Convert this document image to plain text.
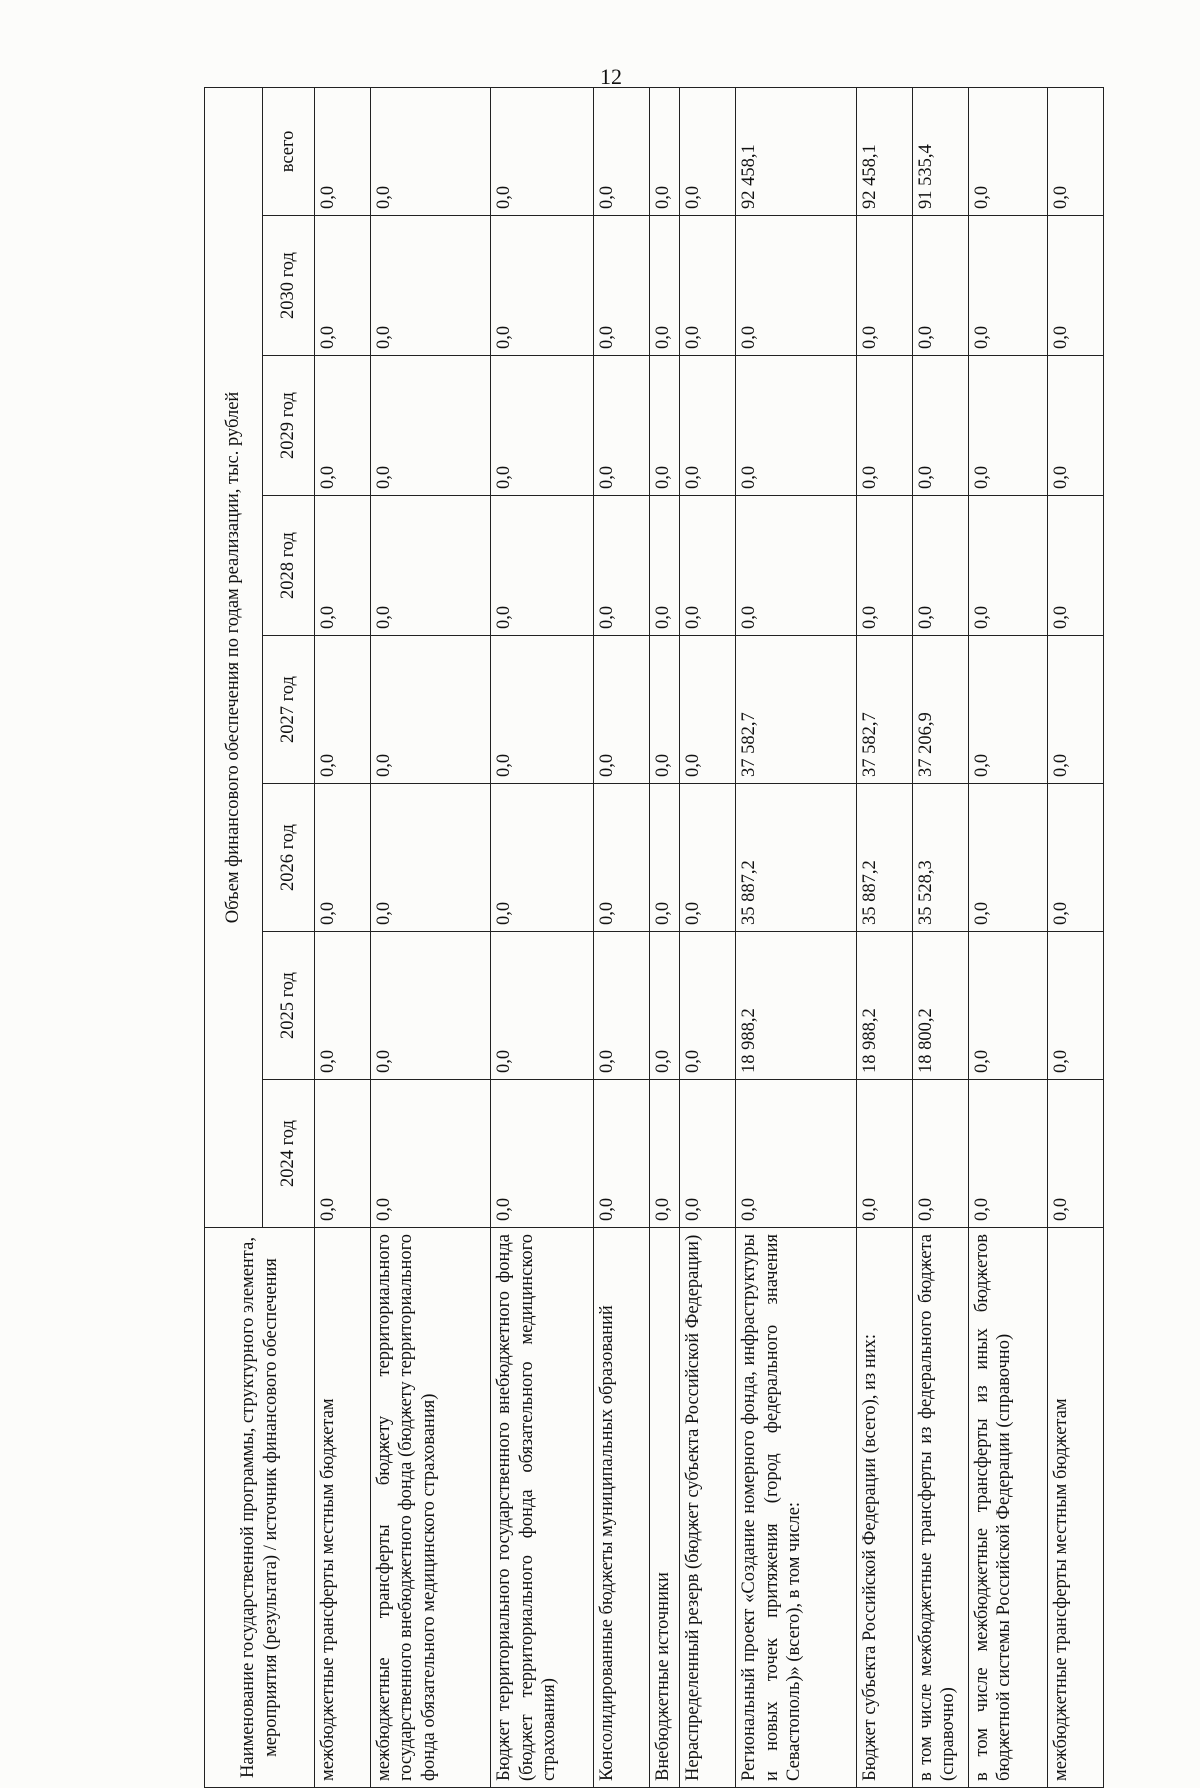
12
Наименование государственной программы, структурного элемента, мероприятия (результата) / источник финансового обеспечения	Объем финансового обеспечения по годам реализации, тыс. рублей							
	2024 год	2025 год	2026 год	2027 год	2028 год	2029 год	2030 год	всего
межбюджетные трансферты местным бюджетам	0,0	0,0	0,0	0,0	0,0	0,0	0,0	0,0
межбюджетные трансферты бюджету территориального государственного внебюджетного фонда (бюджету территориального фонда обязательного медицинского страхования)	0,0	0,0	0,0	0,0	0,0	0,0	0,0	0,0
Бюджет территориального государственного внебюджетного фонда (бюджет территориального фонда обязательного медицинского страхования)	0,0	0,0	0,0	0,0	0,0	0,0	0,0	0,0
Консолидированные бюджеты муниципальных образований	0,0	0,0	0,0	0,0	0,0	0,0	0,0	0,0
Внебюджетные источники	0,0	0,0	0,0	0,0	0,0	0,0	0,0	0,0
Нераспределенный резерв (бюджет субъекта Российской Федерации)	0,0	0,0	0,0	0,0	0,0	0,0	0,0	0,0
Региональный проект «Создание номерного фонда, инфраструктуры и новых точек притяжения (город федерального значения Севастополь)» (всего), в том числе:	0,0	18 988,2	35 887,2	37 582,7	0,0	0,0	0,0	92 458,1
Бюджет субъекта Российской Федерации (всего), из них:	0,0	18 988,2	35 887,2	37 582,7	0,0	0,0	0,0	92 458,1
в том числе межбюджетные трансферты из федерального бюджета (справочно)	0,0	18 800,2	35 528,3	37 206,9	0,0	0,0	0,0	91 535,4
в том числе межбюджетные трансферты из иных бюджетов бюджетной системы Российской Федерации (справочно)	0,0	0,0	0,0	0,0	0,0	0,0	0,0	0,0
межбюджетные трансферты местным бюджетам	0,0	0,0	0,0	0,0	0,0	0,0	0,0	0,0
